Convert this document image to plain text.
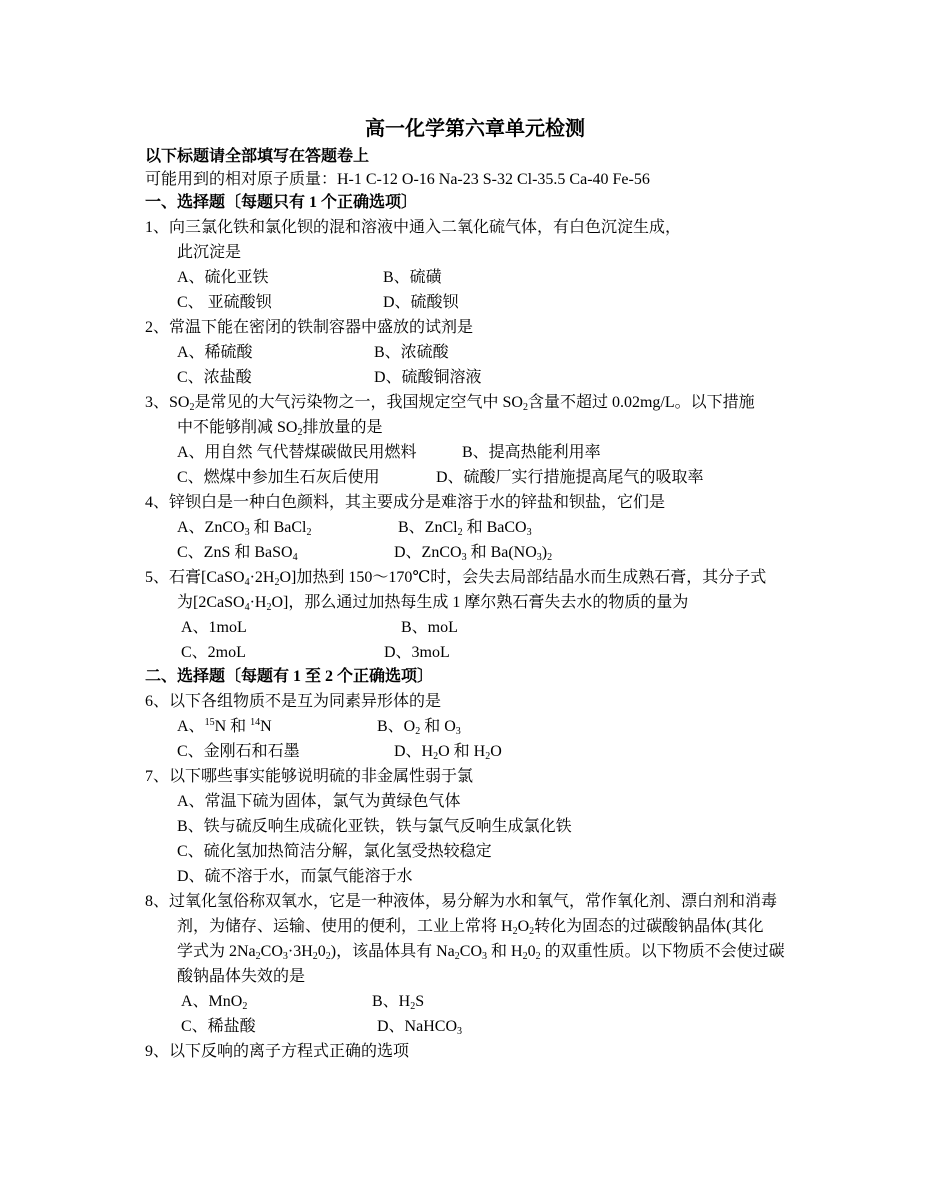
高一化学第六章单元检测
以下标题请全部填写在答题卷上
可能用到的相对原子质量：H-1 C-12 O-16 Na-23 S-32 Cl-35.5 Ca-40 Fe-56
一、选择题〔每题只有 1 个正确选项〕
1、向三氯化铁和氯化钡的混和溶液中通入二氧化硫气体，有白色沉淀生成，
此沉淀是
A、硫化亚铁	B、硫磺
C、 亚硫酸钡	D、硫酸钡
2、常温下能在密闭的铁制容器中盛放的试剂是
A、稀硫酸	B、浓硫酸
C、浓盐酸	D、硫酸铜溶液
3、$SO_2$是常见的大气污染物之一，我国规定空气中 $SO_2$含量不超过 0.02mg/L。以下措施
中不能够削减 $SO_2$排放量的是
A、用自然 气代替煤碳做民用燃料	B、提高热能利用率
C、燃煤中参加生石灰后使用	D、硫酸厂实行措施提高尾气的吸取率
4、锌钡白是一种白色颜料，其主要成分是难溶于水的锌盐和钡盐，它们是
A、ZnCO$_3$ 和 BaCl$_2$	B、ZnCl$_2$ 和 BaCO$_3$
C、ZnS 和 BaSO$_4$	D、ZnCO$_3$ 和 $Ba(NO_3)_2$
5、石膏$[CaSO_4\cdot 2H_2O]$加热到 150～170℃时，会失去局部结晶水而生成熟石膏，其分子式
为$[2CaSO_4\cdot H_2O]$，那么通过加热每生成 1 摩尔熟石膏失去水的物质的量为
A、1moL	B、moL
C、2moL	D、3moL
二、选择题〔每题有 1 至 2 个正确选项〕
6、以下各组物质不是互为同素异形体的是
A、$^{15}$N 和 $^{14}$N	B、$O_2$ 和 $O_3$
C、金刚石和石墨	D、$H_2O$ 和 $H_2O$
7、以下哪些事实能够说明硫的非金属性弱于氯
A、常温下硫为固体，氯气为黄绿色气体
B、铁与硫反响生成硫化亚铁，铁与氯气反响生成氯化铁
C、硫化氢加热简洁分解，氯化氢受热较稳定
D、硫不溶于水，而氯气能溶于水
8、过氧化氢俗称双氧水，它是一种液体，易分解为水和氧气，常作氧化剂、漂白剂和消毒
剂，为储存、运输、使用的便利，工业上常将 $H_2O_2$转化为固态的过碳酸钠晶体(其化
学式为 $2Na_2CO_3\cdot 3H_20_2$)，该晶体具有 $Na_2CO_3$ 和 $H_20_2$ 的双重性质。以下物质不会使过碳
酸钠晶体失效的是
A、MnO$_2$	B、$H_2S$
C、稀盐酸	D、NaHCO$_3$
9、以下反响的离子方程式正确的选项
